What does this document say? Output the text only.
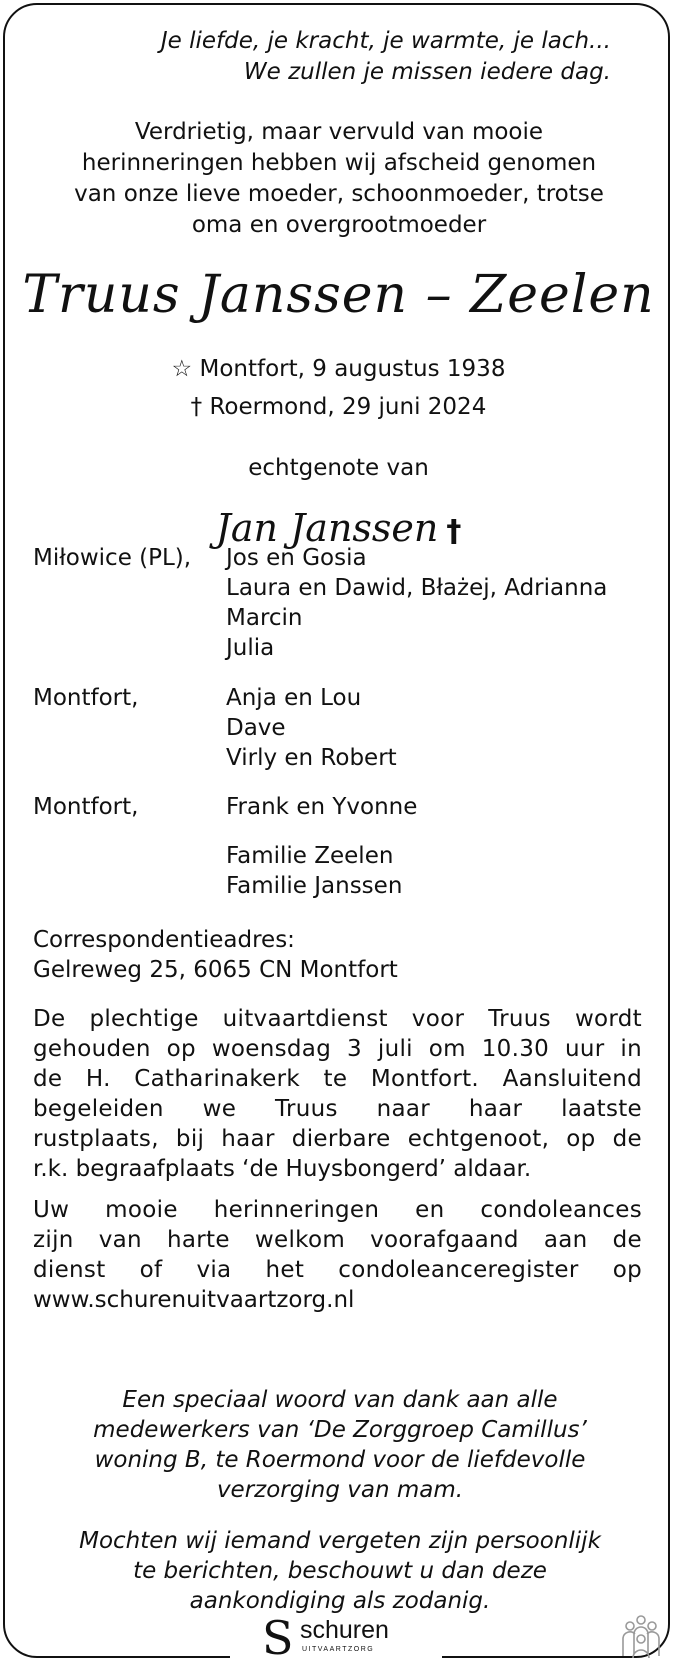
Je liefde, je kracht, je warmte, je lach...
We zullen je missen iedere dag.
Verdrietig, maar vervuld van mooie
herinneringen hebben wij afscheid genomen
van onze lieve moeder, schoonmoeder, trotse
oma en overgrootmoeder
Truus Janssen – Zeelen
☆ Montfort, 9 augustus 1938
† Roermond, 29 juni 2024
echtgenote van
Jan Janssen †
Miłowice (PL), Jos en Gosia
Laura en Dawid, Błażej, Adrianna
Marcin
Julia
Montfort,	Anja en Lou
Dave
Virly en Robert
Montfort,	Frank en Yvonne
Familie Zeelen
Familie Janssen
Correspondentieadres:
Gelreweg 25, 6065 CN Montfort
De plechtige uitvaartdienst voor Truus wordt
gehouden op woensdag 3 juli om 10.30 uur in
de H. Catharinakerk te Montfort. Aansluitend
begeleiden we Truus naar haar laatste
rustplaats, bij haar dierbare echtgenoot, op de
r.k. begraafplaats ‘de Huysbongerd’ aldaar.
Uw mooie herinneringen en condoleances
zijn van harte welkom voorafgaand aan de
dienst of via het condoleanceregister op
www.schurenuitvaartzorg.nl
Een speciaal woord van dank aan alle
medewerkers van ‘De Zorggroep Camillus’
woning B, te Roermond voor de liefdevolle
verzorging van mam.
Mochten wij iemand vergeten zijn persoonlijk
te berichten, beschouwt u dan deze
aankondiging als zodanig.
S schuren
UITVAARTZORG
